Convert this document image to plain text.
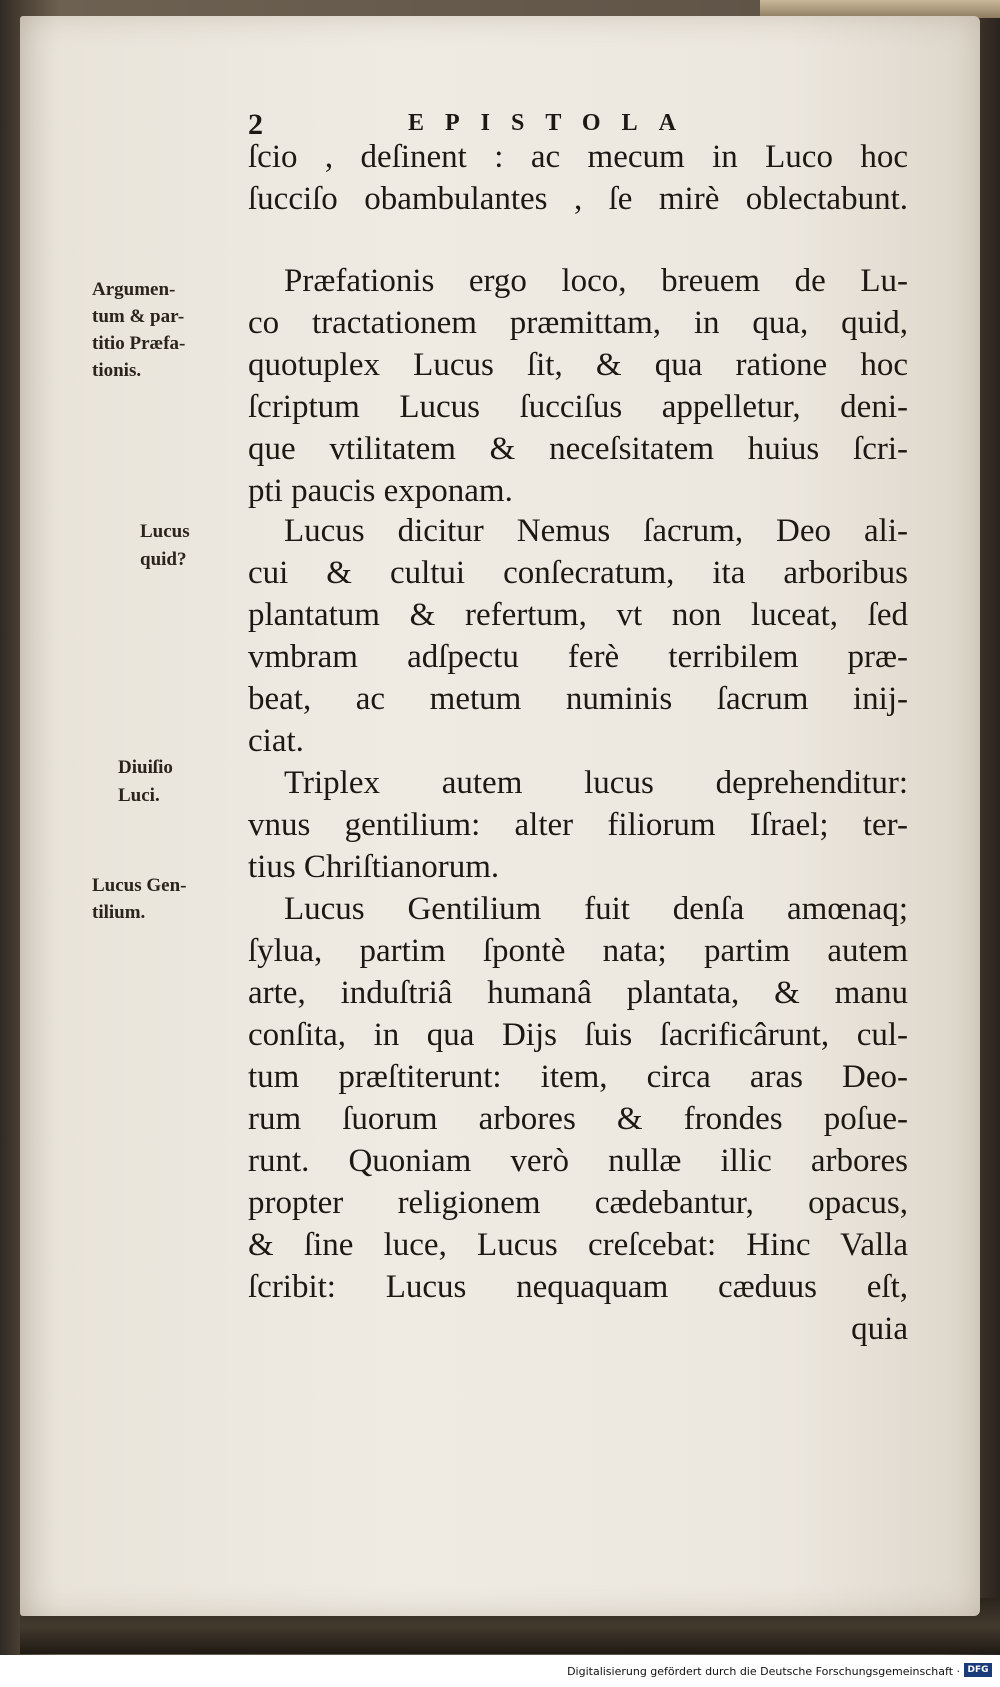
2	EPISTOLA
Argumen-
tum & par-
titio Præfa-
tionis.
Lucus
quid?
Diuiſio
Luci.
Lucus Gen-
tilium.
ſcio , deſinent : ac mecum in Luco hoc
ſucciſo obambulantes , ſe mirè oblectabunt.
Præfationis ergo loco, breuem de Lu-
co tractationem præmittam, in qua, quid,
quotuplex Lucus ſit, & qua ratione hoc
ſcriptum Lucus ſucciſus appelletur, deni-
que vtilitatem & neceſsitatem huius ſcri-
pti paucis exponam.
Lucus dicitur Nemus ſacrum, Deo ali-
cui & cultui conſecratum, ita arboribus
plantatum & refertum, vt non luceat, ſed
vmbram adſpectu ferè terribilem præ-
beat, ac metum numinis ſacrum inij-
ciat.
Triplex autem lucus deprehenditur:
vnus gentilium: alter filiorum Iſrael; ter-
tius Chriſtianorum.
Lucus Gentilium fuit denſa amœnaq;
ſylua, partim ſpontè nata; partim autem
arte, induſtriâ humanâ plantata, & manu
conſita, in qua Dijs ſuis ſacrificârunt, cul-
tum præſtiterunt: item, circa aras Deo-
rum ſuorum arbores & frondes poſue-
runt. Quoniam verò nullæ illic arbores
propter religionem cædebantur, opacus,
& ſine luce, Lucus creſcebat: Hinc Valla
ſcribit: Lucus nequaquam cæduus eſt,
quia
Digitalisierung gefördert durch die Deutsche Forschungsgemeinschaft · DFG
